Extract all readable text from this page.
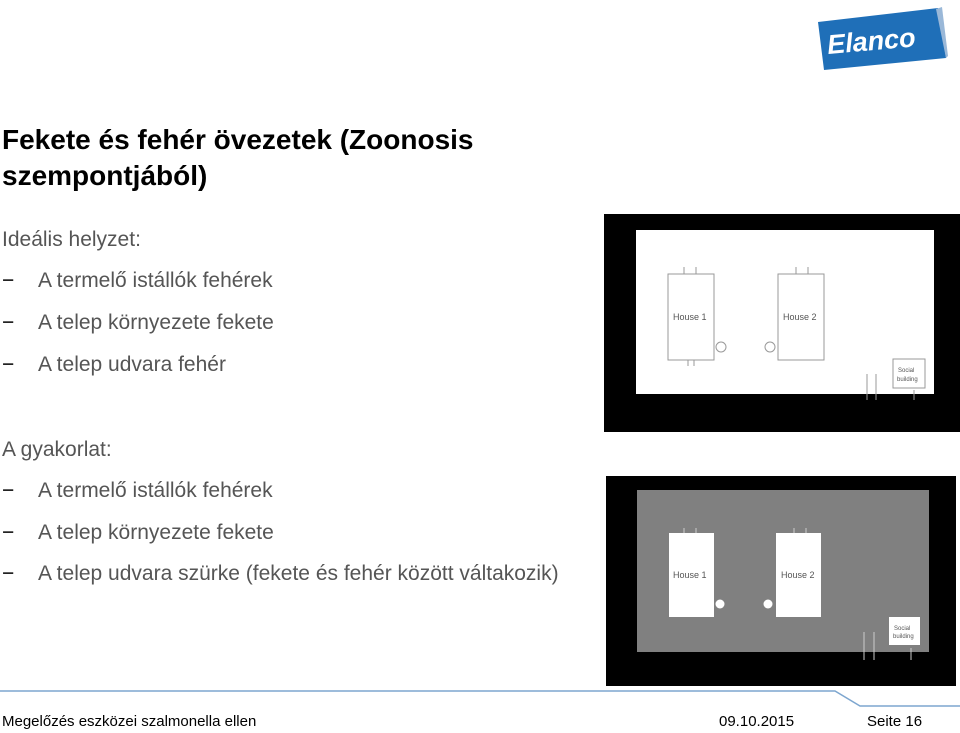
Elanco
Fekete és fehér övezetek (Zoonosis szempontjából)

Ideális helyzet:

− A termelő istállók fehérek
− A telep környezete fekete
− A telep udvara fehér

A gyakorlat:

− A termelő istállók fehérek
− A telep környezete fekete
− A telep udvara szürke (fekete és fehér között váltakozik)
House 1	House 2
Social
building
House 1	House 2
Social
building
Megelőzés eszközei szalmonella ellen	09.10.2015	Seite 16
